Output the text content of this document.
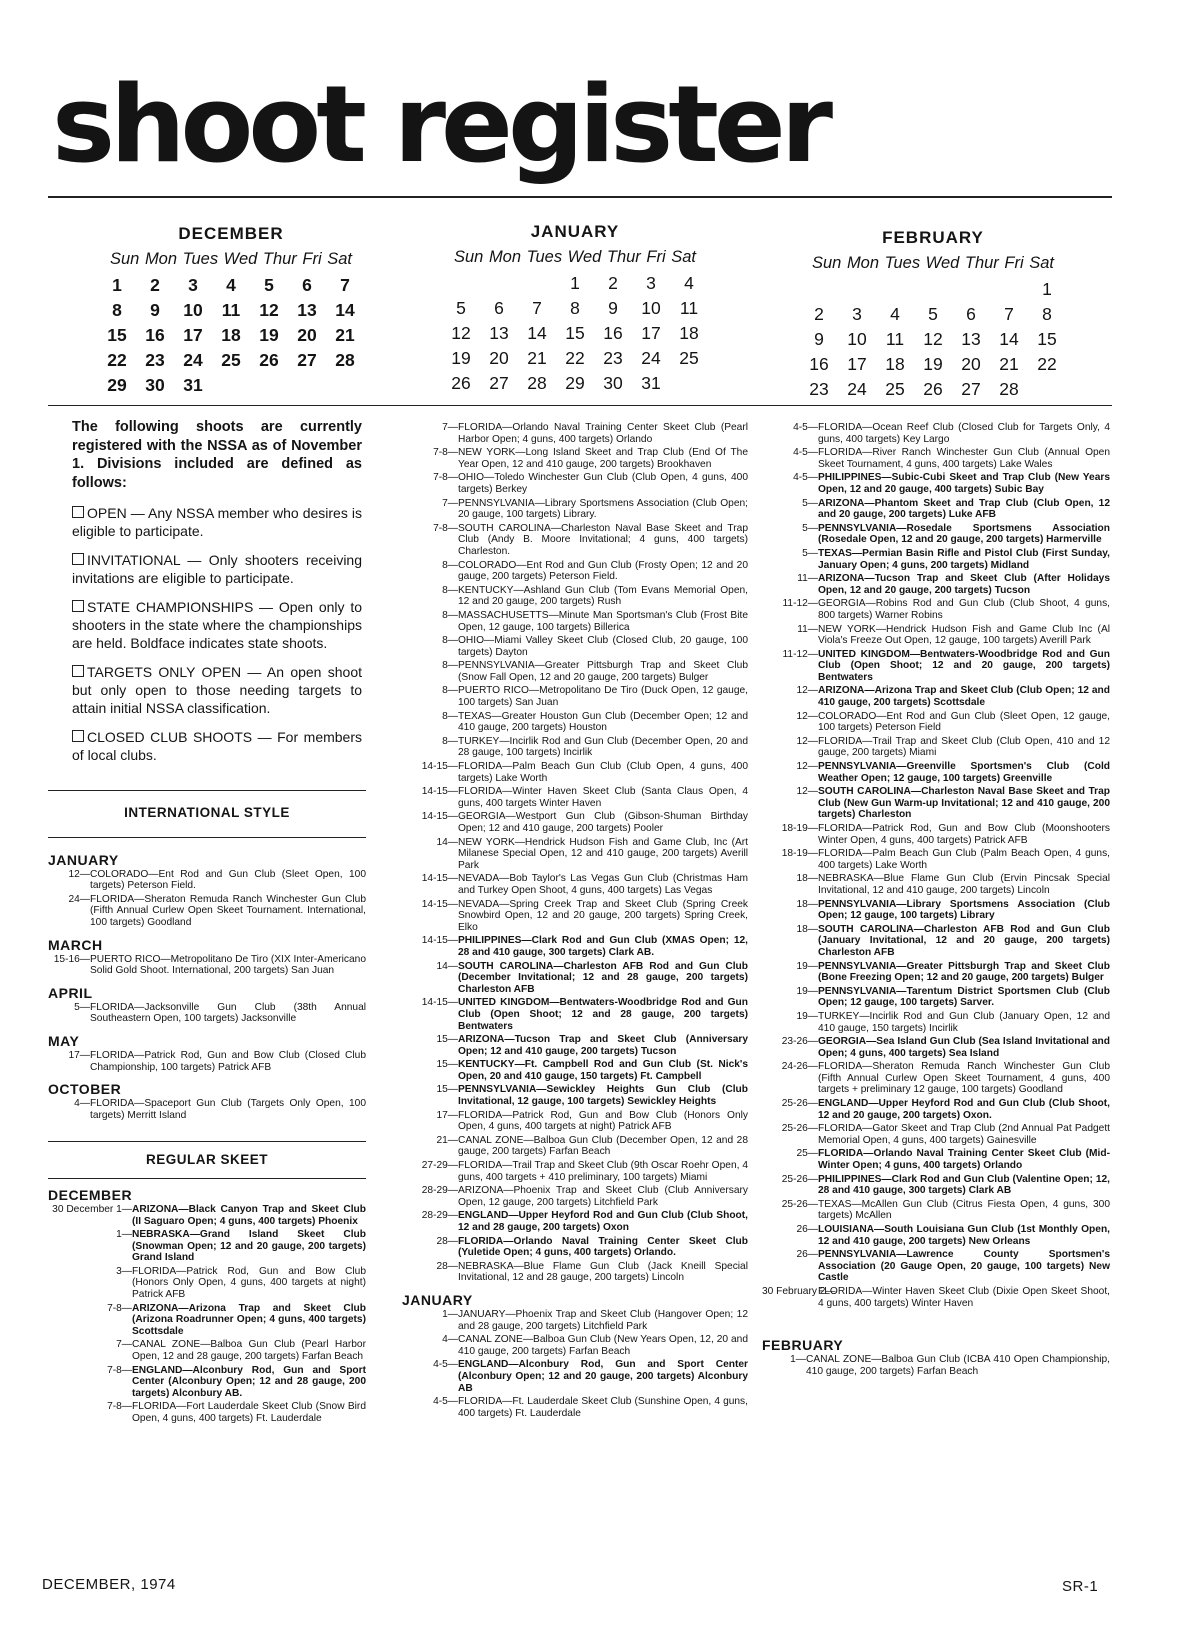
shoot register
DECEMBER
Sun Mon Tues Wed Thur Fri Sat
1	2	3	4	5	6	7
8	9	10	11	12	13	14
15	16	17	18	19	20	21
22	23	24	25	26	27	28
29	30	31				
JANUARY
Sun Mon Tues Wed Thur Fri Sat
			1	2	3	4
5	6	7	8	9	10	11
12	13	14	15	16	17	18
19	20	21	22	23	24	25
26	27	28	29	30	31	
FEBRUARY
Sun Mon Tues Wed Thur Fri Sat
						1
2	3	4	5	6	7	8
9	10	11	12	13	14	15
16	17	18	19	20	21	22
23	24	25	26	27	28	

The following shoots are currently registered with the NSSA as of November 1. Divisions included are defined as follows:

OPEN — Any NSSA member who desires is eligible to participate.

INVITATIONAL — Only shooters receiving invitations are eligible to participate.

STATE CHAMPIONSHIPS — Open only to shooters in the state where the championships are held. Boldface indicates state shoots.

TARGETS ONLY OPEN — An open shoot but only open to those needing targets to attain initial NSSA classification.

CLOSED CLUB SHOOTS — For members of local clubs.

INTERNATIONAL STYLE

JANUARY
12— COLORADO—Ent Rod and Gun Club (Sleet Open, 100 targets) Peterson Field.
24— FLORIDA—Sheraton Remuda Ranch Winchester Gun Club (Fifth Annual Curlew Open Skeet Tournament. International, 100 targets) Goodland
MARCH
15-16— PUERTO RICO—Metropolitano De Tiro (XIX Inter-Americano Solid Gold Shoot. International, 200 targets) San Juan
APRIL
5— FLORIDA—Jacksonville Gun Club (38th Annual Southeastern Open, 100 targets) Jacksonville
MAY
17— FLORIDA—Patrick Rod, Gun and Bow Club (Closed Club Championship, 100 targets) Patrick AFB
OCTOBER
4— FLORIDA—Spaceport Gun Club (Targets Only Open, 100 targets) Merritt Island

REGULAR SKEET

DECEMBER
30 December 1— ARIZONA—Black Canyon Trap and Skeet Club (II Saguaro Open; 4 guns, 400 targets) Phoenix
1— NEBRASKA—Grand Island Skeet Club (Snowman Open; 12 and 20 gauge, 200 targets) Grand Island
3— FLORIDA—Patrick Rod, Gun and Bow Club (Honors Only Open, 4 guns, 400 targets at night) Patrick AFB
7-8— ARIZONA—Arizona Trap and Skeet Club (Arizona Roadrunner Open; 4 guns, 400 targets) Scottsdale
7— CANAL ZONE—Balboa Gun Club (Pearl Harbor Open, 12 and 28 gauge, 200 targets) Farfan Beach
7-8— ENGLAND—Alconbury Rod, Gun and Sport Center (Alconbury Open; 12 and 28 gauge, 200 targets) Alconbury AB.
7-8— FLORIDA—Fort Lauderdale Skeet Club (Snow Bird Open, 4 guns, 400 targets) Ft. Lauderdale
7— FLORIDA—Orlando Naval Training Center Skeet Club (Pearl Harbor Open; 4 guns, 400 targets) Orlando
7-8— NEW YORK—Long Island Skeet and Trap Club (End Of The Year Open, 12 and 410 gauge, 200 targets) Brookhaven
7-8— OHIO—Toledo Winchester Gun Club (Club Open, 4 guns, 400 targets) Berkey
7— PENNSYLVANIA—Library Sportsmens Association (Club Open; 20 gauge, 100 targets) Library.
7-8— SOUTH CAROLINA—Charleston Naval Base Skeet and Trap Club (Andy B. Moore Invitational; 4 guns, 400 targets) Charleston.
8— COLORADO—Ent Rod and Gun Club (Frosty Open; 12 and 20 gauge, 200 targets) Peterson Field.
8— KENTUCKY—Ashland Gun Club (Tom Evans Memorial Open, 12 and 20 gauge, 200 targets) Rush
8— MASSACHUSETTS—Minute Man Sportsman's Club (Frost Bite Open, 12 gauge, 100 targets) Billerica
8— OHIO—Miami Valley Skeet Club (Closed Club, 20 gauge, 100 targets) Dayton
8— PENNSYLVANIA—Greater Pittsburgh Trap and Skeet Club (Snow Fall Open, 12 and 20 gauge, 200 targets) Bulger
8— PUERTO RICO—Metropolitano De Tiro (Duck Open, 12 gauge, 100 targets) San Juan
8— TEXAS—Greater Houston Gun Club (December Open; 12 and 410 gauge, 200 targets) Houston
8— TURKEY—Incirlik Rod and Gun Club (December Open, 20 and 28 gauge, 100 targets) Incirlik
14-15— FLORIDA—Palm Beach Gun Club (Club Open, 4 guns, 400 targets) Lake Worth
14-15— FLORIDA—Winter Haven Skeet Club (Santa Claus Open, 4 guns, 400 targets Winter Haven
14-15— GEORGIA—Westport Gun Club (Gibson-Shuman Birthday Open; 12 and 410 gauge, 200 targets) Pooler
14— NEW YORK—Hendrick Hudson Fish and Game Club, Inc (Art Milanese Special Open, 12 and 410 gauge, 200 targets) Averill Park
14-15— NEVADA—Bob Taylor's Las Vegas Gun Club (Christmas Ham and Turkey Open Shoot, 4 guns, 400 targets) Las Vegas
14-15— NEVADA—Spring Creek Trap and Skeet Club (Spring Creek Snowbird Open, 12 and 20 gauge, 200 targets) Spring Creek, Elko
14-15— PHILIPPINES—Clark Rod and Gun Club (XMAS Open; 12, 28 and 410 gauge, 300 targets) Clark AB.
14— SOUTH CAROLINA—Charleston AFB Rod and Gun Club (December Invitational; 12 and 28 gauge, 200 targets) Charleston AFB
14-15— UNITED KINGDOM—Bentwaters-Woodbridge Rod and Gun Club (Open Shoot; 12 and 28 gauge, 200 targets) Bentwaters
15— ARIZONA—Tucson Trap and Skeet Club (Anniversary Open; 12 and 410 gauge, 200 targets) Tucson
15— KENTUCKY—Ft. Campbell Rod and Gun Club (St. Nick's Open, 20 and 410 gauge, 150 targets) Ft. Campbell
15— PENNSYLVANIA—Sewickley Heights Gun Club (Club Invitational, 12 gauge, 100 targets) Sewickley Heights
17— FLORIDA—Patrick Rod, Gun and Bow Club (Honors Only Open, 4 guns, 400 targets at night) Patrick AFB
21— CANAL ZONE—Balboa Gun Club (December Open, 12 and 28 gauge, 200 targets) Farfan Beach
27-29— FLORIDA—Trail Trap and Skeet Club (9th Oscar Roehr Open, 4 guns, 400 targets + 410 preliminary, 100 targets) Miami
28-29— ARIZONA—Phoenix Trap and Skeet Club (Club Anniversary Open, 12 gauge, 200 targets) Litchfield Park
28-29— ENGLAND—Upper Heyford Rod and Gun Club (Club Shoot, 12 and 28 gauge, 200 targets) Oxon
28— FLORIDA—Orlando Naval Training Center Skeet Club (Yuletide Open; 4 guns, 400 targets) Orlando.
28— NEBRASKA—Blue Flame Gun Club (Jack Kneill Special Invitational, 12 and 28 gauge, 200 targets) Lincoln
JANUARY
1— JANUARY—Phoenix Trap and Skeet Club (Hangover Open; 12 and 28 gauge, 200 targets) Litchfield Park
4— CANAL ZONE—Balboa Gun Club (New Years Open, 12, 20 and 410 gauge, 200 targets) Farfan Beach
4-5— ENGLAND—Alconbury Rod, Gun and Sport Center (Alconbury Open; 12 and 20 gauge, 200 targets) Alconbury AB
4-5— FLORIDA—Ft. Lauderdale Skeet Club (Sunshine Open, 4 guns, 400 targets) Ft. Lauderdale
4-5— FLORIDA—Ocean Reef Club (Closed Club for Targets Only, 4 guns, 400 targets) Key Largo
4-5— FLORIDA—River Ranch Winchester Gun Club (Annual Open Skeet Tournament, 4 guns, 400 targets) Lake Wales
4-5— PHILIPPINES—Subic-Cubi Skeet and Trap Club (New Years Open, 12 and 20 gauge, 400 targets) Subic Bay
5— ARIZONA—Phantom Skeet and Trap Club (Club Open, 12 and 20 gauge, 200 targets) Luke AFB
5— PENNSYLVANIA—Rosedale Sportsmens Association (Rosedale Open, 12 and 20 gauge, 200 targets) Harmerville
5— TEXAS—Permian Basin Rifle and Pistol Club (First Sunday, January Open; 4 guns, 200 targets) Midland
11— ARIZONA—Tucson Trap and Skeet Club (After Holidays Open, 12 and 20 gauge, 200 targets) Tucson
11-12— GEORGIA—Robins Rod and Gun Club (Club Shoot, 4 guns, 800 targets) Warner Robins
11— NEW YORK—Hendrick Hudson Fish and Game Club Inc (Al Viola's Freeze Out Open, 12 gauge, 100 targets) Averill Park
11-12— UNITED KINGDOM—Bentwaters-Woodbridge Rod and Gun Club (Open Shoot; 12 and 20 gauge, 200 targets) Bentwaters
12— ARIZONA—Arizona Trap and Skeet Club (Club Open; 12 and 410 gauge, 200 targets) Scottsdale
12— COLORADO—Ent Rod and Gun Club (Sleet Open, 12 gauge, 100 targets) Peterson Field
12— FLORIDA—Trail Trap and Skeet Club (Club Open, 410 and 12 gauge, 200 targets) Miami
12— PENNSYLVANIA—Greenville Sportsmen's Club (Cold Weather Open; 12 gauge, 100 targets) Greenville
12— SOUTH CAROLINA—Charleston Naval Base Skeet and Trap Club (New Gun Warm-up Invitational; 12 and 410 gauge, 200 targets) Charleston
18-19— FLORIDA—Patrick Rod, Gun and Bow Club (Moonshooters Winter Open, 4 guns, 400 targets) Patrick AFB
18-19— FLORIDA—Palm Beach Gun Club (Palm Beach Open, 4 guns, 400 targets) Lake Worth
18— NEBRASKA—Blue Flame Gun Club (Ervin Pincsak Special Invitational, 12 and 410 gauge, 200 targets) Lincoln
18— PENNSYLVANIA—Library Sportsmens Association (Club Open; 12 gauge, 100 targets) Library
18— SOUTH CAROLINA—Charleston AFB Rod and Gun Club (January Invitational, 12 and 20 gauge, 200 targets) Charleston AFB
19— PENNSYLVANIA—Greater Pittsburgh Trap and Skeet Club (Bone Freezing Open; 12 and 20 gauge, 200 targets) Bulger
19— PENNSYLVANIA—Tarentum District Sportsmen Club (Club Open; 12 gauge, 100 targets) Sarver.
19— TURKEY—Incirlik Rod and Gun Club (January Open, 12 and 410 gauge, 150 targets) Incirlik
23-26— GEORGIA—Sea Island Gun Club (Sea Island Invitational and Open; 4 guns, 400 targets) Sea Island
24-26— FLORIDA—Sheraton Remuda Ranch Winchester Gun Club (Fifth Annual Curlew Open Skeet Tournament, 4 guns, 400 targets + preliminary 12 gauge, 100 targets) Goodland
25-26— ENGLAND—Upper Heyford Rod and Gun Club (Club Shoot, 12 and 20 gauge, 200 targets) Oxon.
25-26— FLORIDA—Gator Skeet and Trap Club (2nd Annual Pat Padgett Memorial Open, 4 guns, 400 targets) Gainesville
25— FLORIDA—Orlando Naval Training Center Skeet Club (Mid-Winter Open; 4 guns, 400 targets) Orlando
25-26— PHILIPPINES—Clark Rod and Gun Club (Valentine Open; 12, 28 and 410 gauge, 300 targets) Clark AB
25-26— TEXAS—McAllen Gun Club (Citrus Fiesta Open, 4 guns, 300 targets) McAllen
26— LOUISIANA—South Louisiana Gun Club (1st Monthly Open, 12 and 410 gauge, 200 targets) New Orleans
26— PENNSYLVANIA—Lawrence County Sportsmen's Association (20 Gauge Open, 20 gauge, 100 targets) New Castle
30 February 2—
FLORIDA—Winter Haven Skeet Club (Dixie Open Skeet Shoot, 4 guns, 400 targets) Winter Haven
FEBRUARY
1— CANAL ZONE—Balboa Gun Club (ICBA 410 Open Championship, 410 gauge, 200 targets) Farfan Beach
DECEMBER, 1974	SR-1
